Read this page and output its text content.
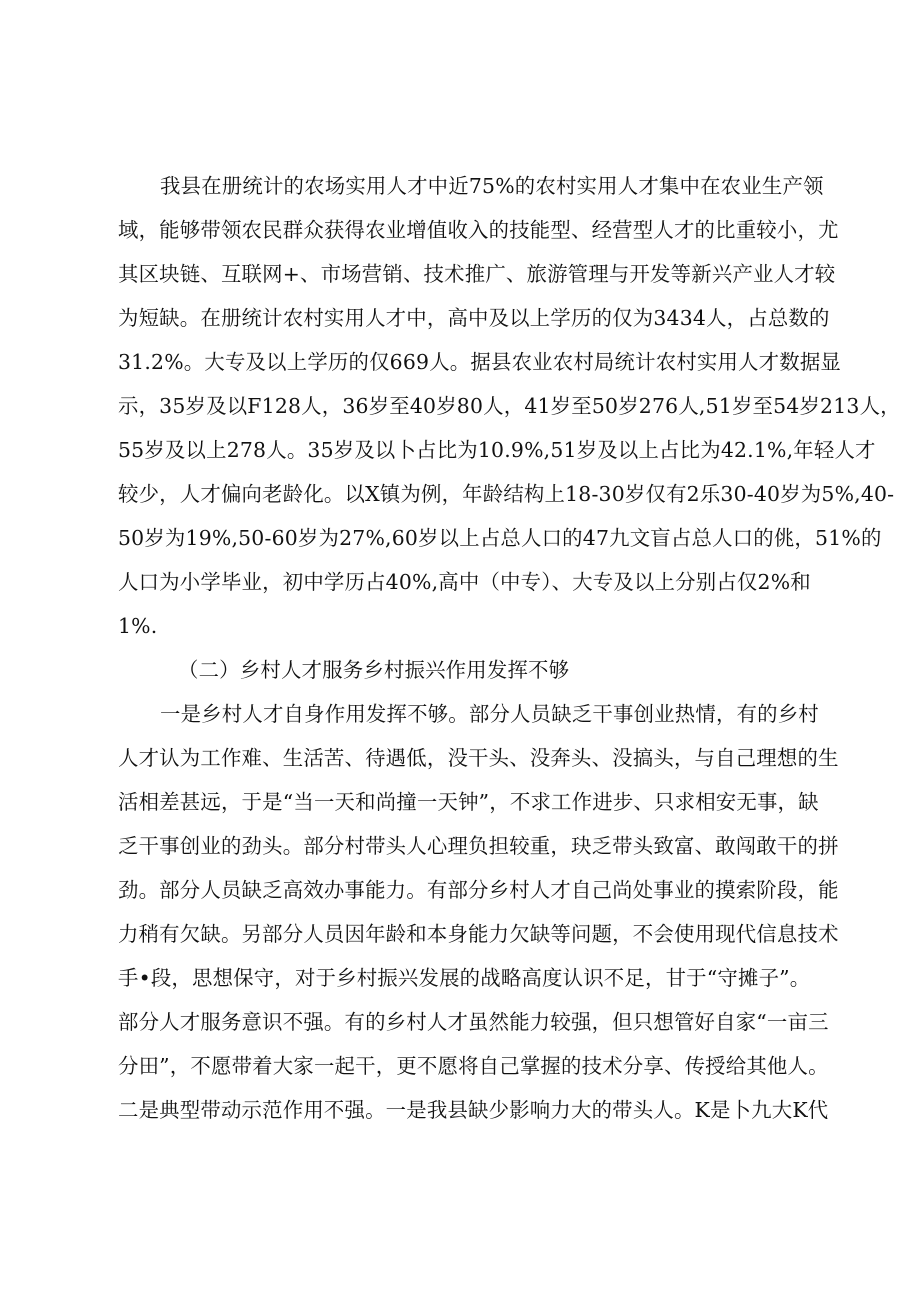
我县在册统计的农场实用人才中近75%的农村实用人才集中在农业生产领
域，能够带领农民群众获得农业增值收入的技能型、经营型人才的比重较小，尤
其区块链、互联网+、市场营销、技术推广、旅游管理与开发等新兴产业人才较
为短缺。在册统计农村实用人才中，高中及以上学历的仅为3434人，占总数的
31.2%。大专及以上学历的仅669人。据县农业农村局统计农村实用人才数据显
示，35岁及以F128人，36岁至40岁80人，41岁至50岁276人,51岁至54岁213人，
55岁及以上278人。35岁及以卜占比为10.9%,51岁及以上占比为42.1%,年轻人才
较少，人才偏向老龄化。以X镇为例，年龄结构上18-30岁仅有2乐30-40岁为5%,40-
50岁为19%,50-60岁为27%,60岁以上占总人口的47九文盲占总人口的佻，51%的
人口为小学毕业，初中学历占40%,高中（中专）、大专及以上分别占仅2%和
1%.
（二）乡村人才服务乡村振兴作用发挥不够
一是乡村人才自身作用发挥不够。部分人员缺乏干事创业热情，有的乡村
人才认为工作难、生活苦、待遇低，没干头、没奔头、没搞头，与自己理想的生
活相差甚远，于是“当一天和尚撞一天钟”，不求工作进步、只求相安无事，缺
乏干事创业的劲头。部分村带头人心理负担较重，玦乏带头致富、敢闯敢干的拼
劲。部分人员缺乏高效办事能力。有部分乡村人才自己尚处事业的摸索阶段，能
力稍有欠缺。另部分人员因年龄和本身能力欠缺等问题，不会使用现代信息技术
手•段，思想保守，对于乡村振兴发展的战略高度认识不足，甘于“守摊子”。
部分人才服务意识不强。有的乡村人才虽然能力较强，但只想管好自家“一亩三
分田”，不愿带着大家一起干，更不愿将自己掌握的技术分享、传授给其他人。
二是典型带动示范作用不强。一是我县缺少影响力大的带头人。K是卜九大K代
